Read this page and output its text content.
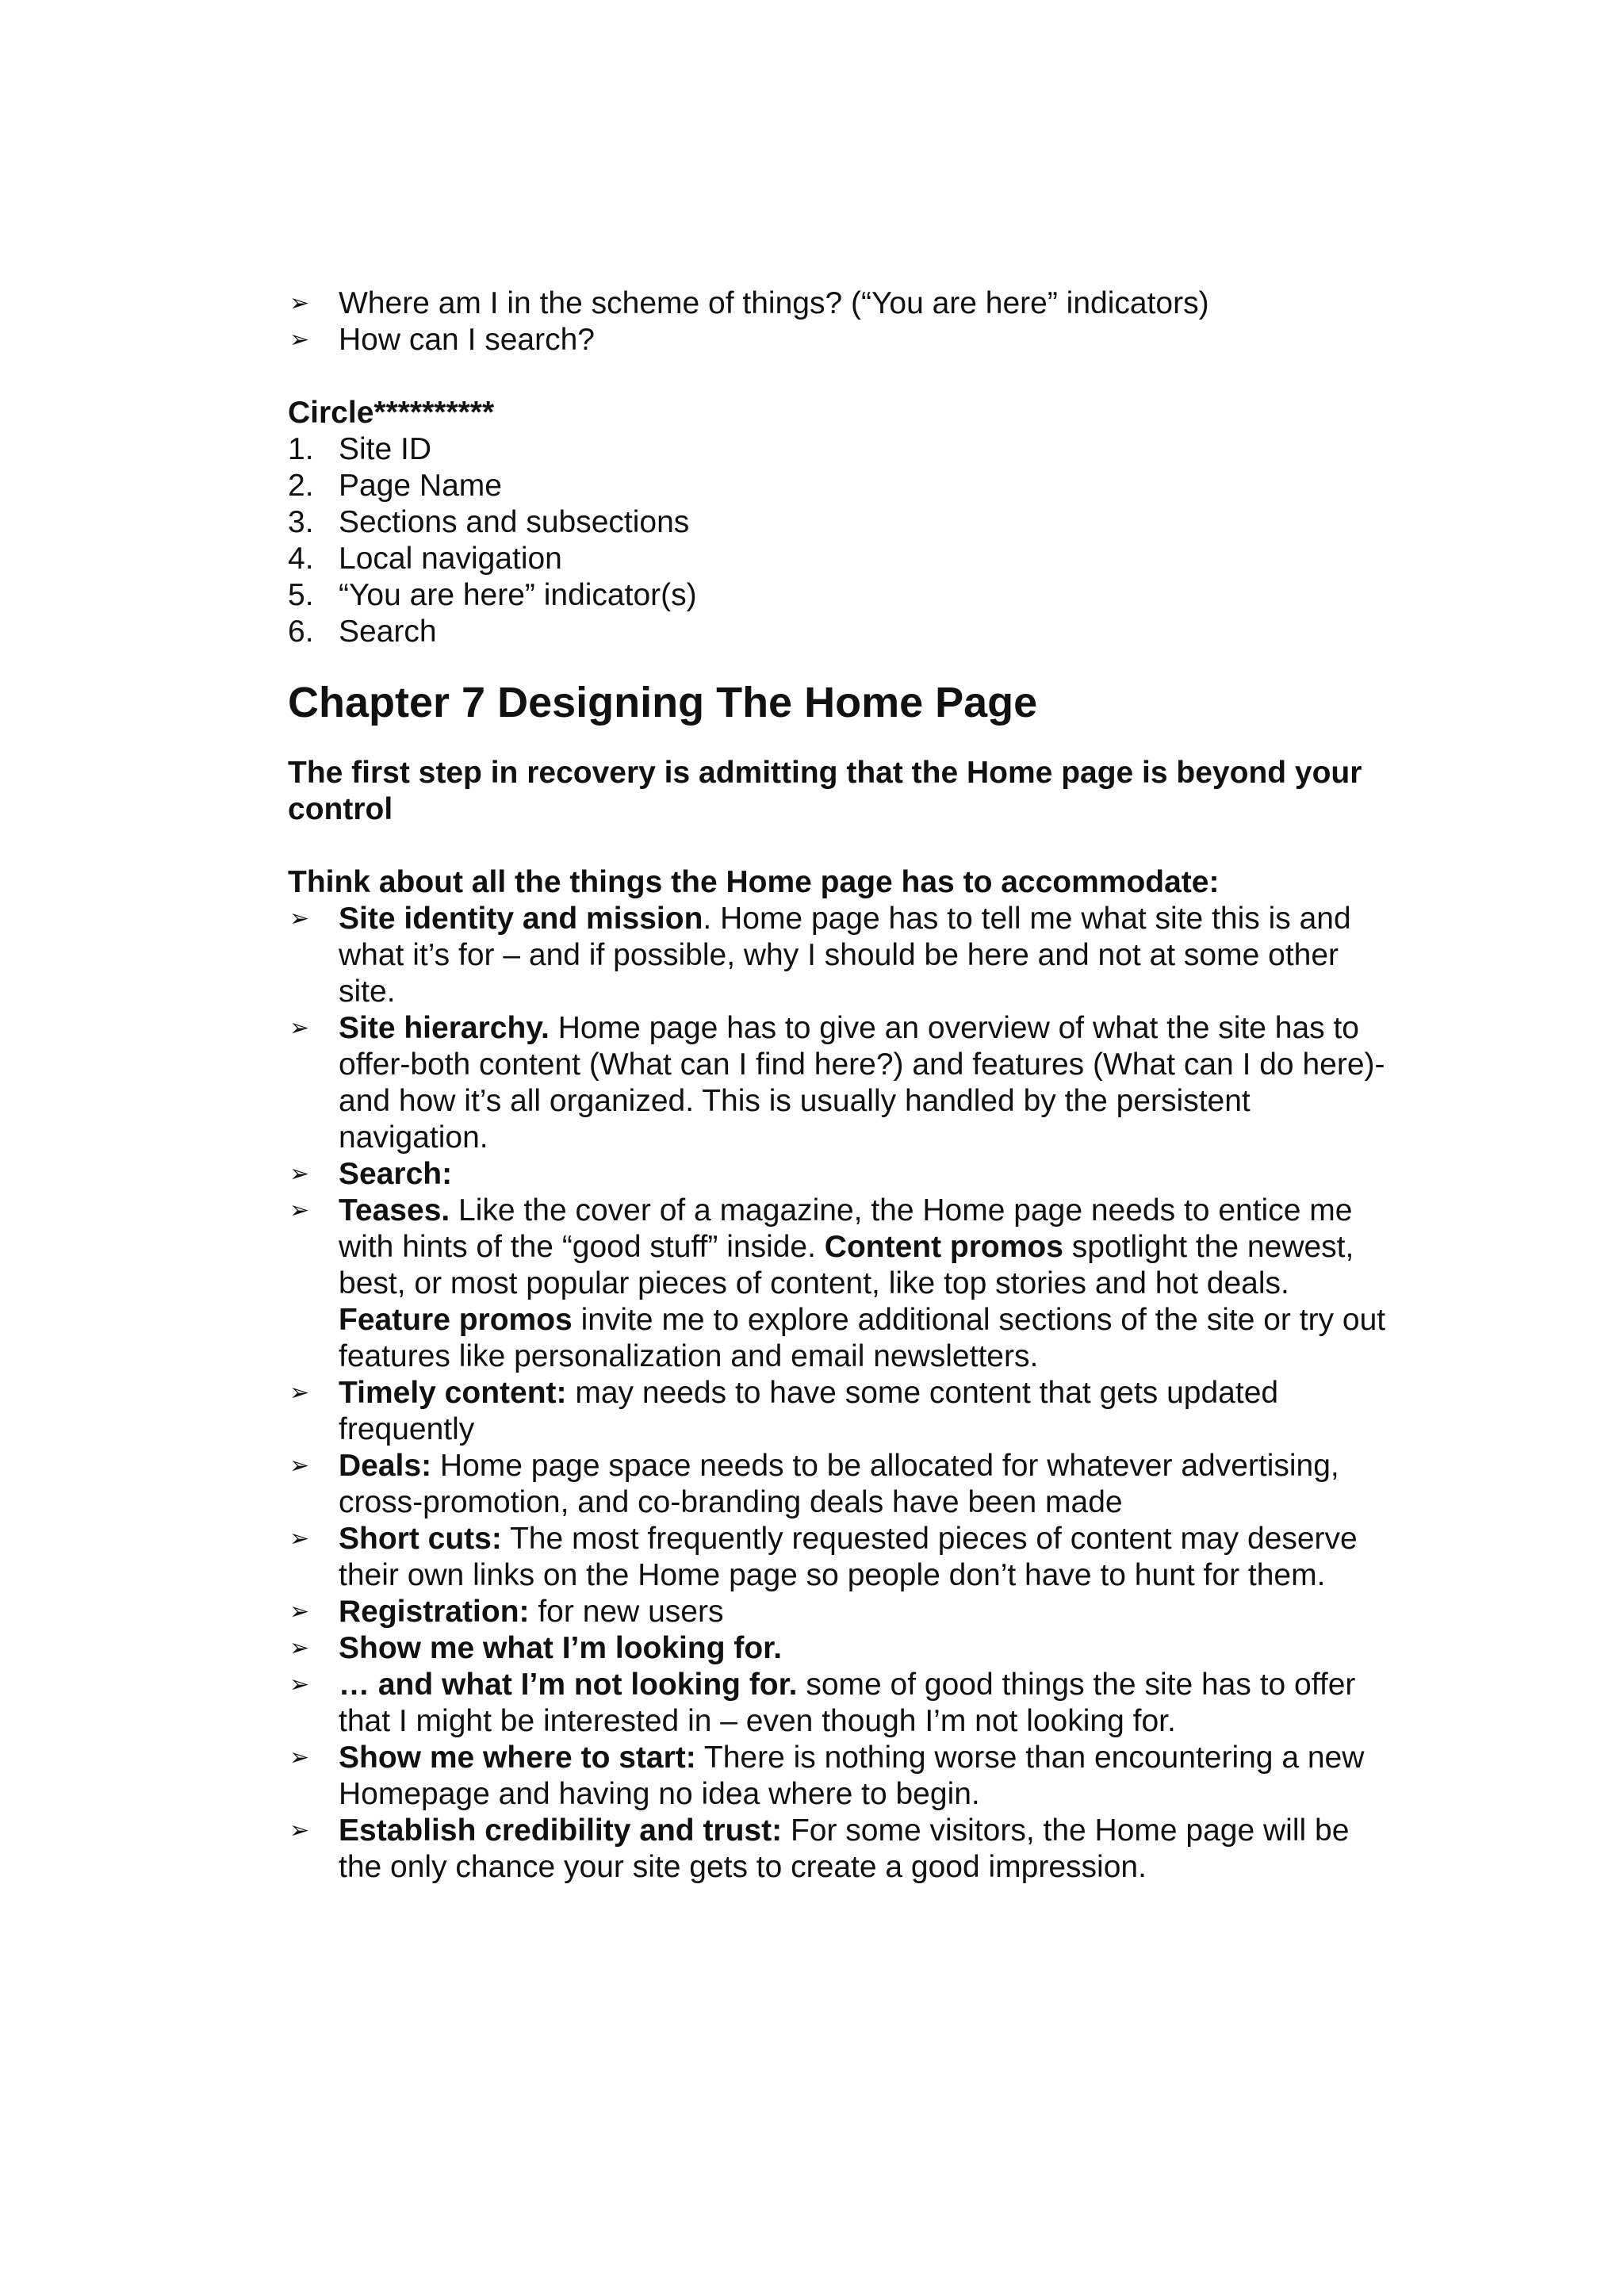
➢ Where am I in the scheme of things? (“You are here” indicators)
➢ How can I search?
Circle**********
1. Site ID
2. Page Name
3. Sections and subsections
4. Local navigation
5. “You are here” indicator(s)
6. Search
Chapter 7 Designing The Home Page
The first step in recovery is admitting that the Home page is beyond your control
Think about all the things the Home page has to accommodate:
➢ Site identity and mission. Home page has to tell me what site this is and what it’s for – and if possible, why I should be here and not at some other site.
➢ Site hierarchy. Home page has to give an overview of what the site has to offer-both content (What can I find here?) and features (What can I do here)-and how it’s all organized. This is usually handled by the persistent navigation.
➢ Search:
➢ Teases. Like the cover of a magazine, the Home page needs to entice me with hints of the “good stuff” inside. Content promos spotlight the newest, best, or most popular pieces of content, like top stories and hot deals. Feature promos invite me to explore additional sections of the site or try out features like personalization and email newsletters.
➢ Timely content: may needs to have some content that gets updated frequently
➢ Deals: Home page space needs to be allocated for whatever advertising, cross-promotion, and co-branding deals have been made
➢ Short cuts: The most frequently requested pieces of content may deserve their own links on the Home page so people don’t have to hunt for them.
➢ Registration: for new users
➢ Show me what I’m looking for.
➢ … and what I’m not looking for. some of good things the site has to offer that I might be interested in – even though I’m not looking for.
➢ Show me where to start: There is nothing worse than encountering a new Homepage and having no idea where to begin.
➢ Establish credibility and trust: For some visitors, the Home page will be the only chance your site gets to create a good impression.
